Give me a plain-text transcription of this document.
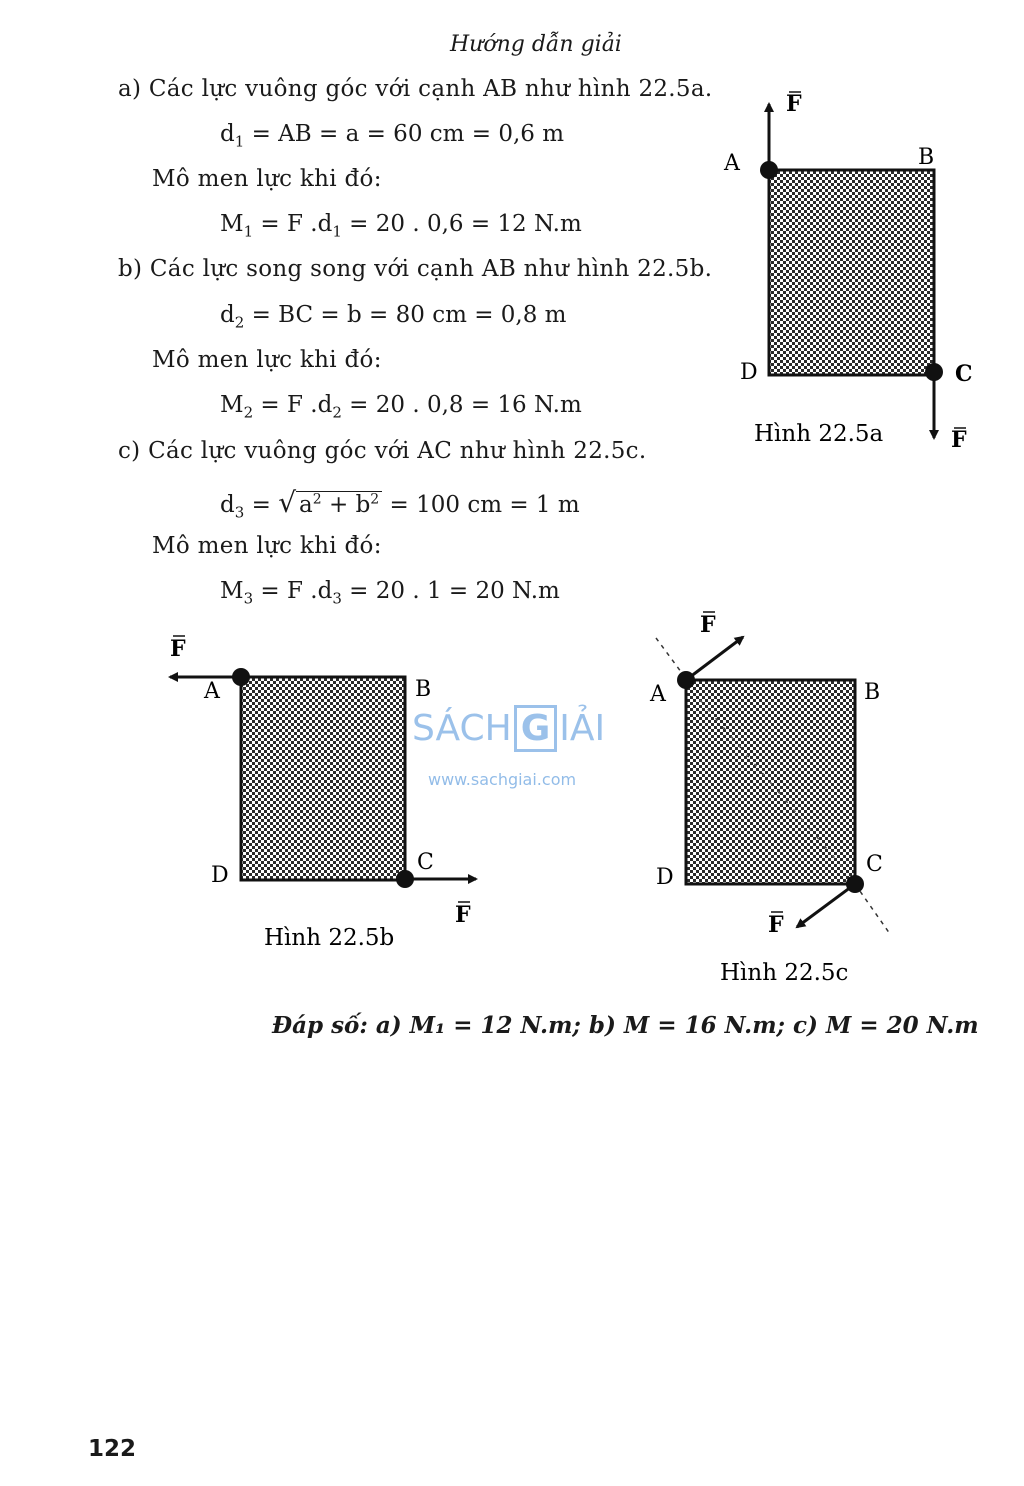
Hướng dẫn giải
a) Các lực vuông góc với cạnh AB như hình 22.5a.
$d_1$ = AB = a = 60 cm = 0,6 m
Mô men lực khi đó:
$M_1 = F$ $.d_1 = 20$ . 0,6 = 12 N.m
b) Các lực song song với cạnh AB như hình 22.5b.
$d_2$ = BC = b = 80 cm = 0,8 m
Mô men lực khi đó:
$M_2 = F$ $.d_2 = 20$ . 0,8 = 16 N.m
c) Các lực vuông góc với AC như hình 22.5c.
$d_3$ = √ $a^2 + b^2 = 100$ cm = 1 m
Mô men lực khi đó:
$M_3 = F$ $.d_3 = 20$ . 1 = 20 N.m
F
A	B
D	C
F
Hình 22.5a
F
A	B
D
C
F
Hình 22.5b
F
A	B
D
C
F
Hình 22.5c
SÁCH G IẢI
www.sachgiai.com
Đáp số: a) M₁ = 12 N.m; b) M = 16 N.m; c) M = 20 N.m
122
